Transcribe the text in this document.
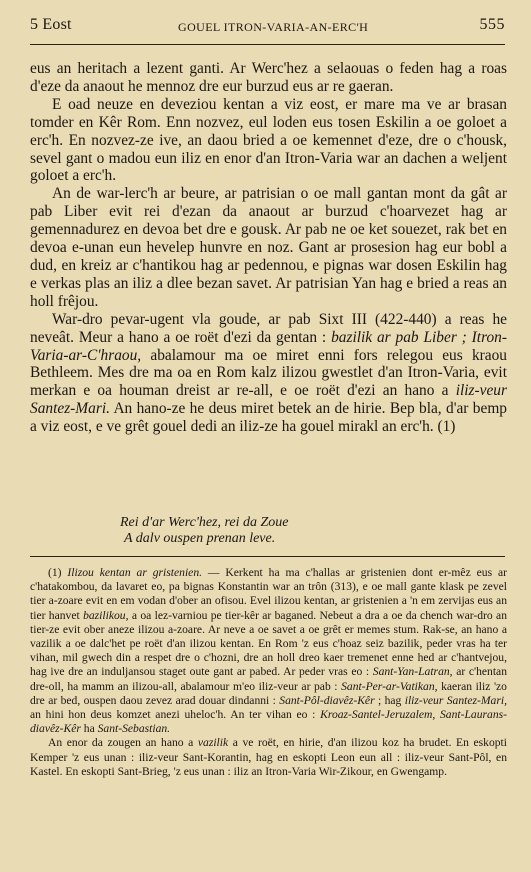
5 Eost	GOUEL ITRON-VARIA-AN-ERC'H	555

eus an heritach a lezent ganti. Ar Werc'hez a selaouas o feden hag a roas d'eze da anaout he mennoz dre eur burzud eus ar re gaeran.

E oad neuze en deveziou kentan a viz eost, er mare ma ve ar brasan tomder en Kêr Rom. Enn nozvez, eul loden eus tosen Eskilin a oe goloet a erc'h. En nozvez-ze ive, an daou bried a oe kemennet d'eze, dre o c'housk, sevel gant o madou eun iliz en enor d'an Itron-Varia war an dachen a weljent goloet a erc'h.

An de war-lerc'h ar beure, ar patrisian o oe mall gantan mont da gât ar pab Liber evit rei d'ezan da anaout ar burzud c'hoarvezet hag ar gemennadurez en devoa bet dre e gousk. Ar pab ne oe ket souezet, rak bet en devoa e-unan eun hevelep hunvre en noz. Gant ar prosesion hag eur bobl a dud, en kreiz ar c'hantikou hag ar pedennou, e pignas war dosen Eskilin hag e verkas plas an iliz a dlee bezan savet. Ar patrisian Yan hag e bried a reas an holl frêjou.

War-dro pevar-ugent vla goude, ar pab Sixt III (422-440) a reas he neveât. Meur a hano a oe roët d'ezi da gentan : bazilik ar pab Liber ; Itron-Varia-ar-C'hraou, abalamour ma oe miret enni fors relegou eus kraou Bethleem. Mes dre ma oa en Rom kalz ilizou gwestlet d'an Itron-Varia, evit merkan e oa houman dreist ar re-all, e oe roët d'ezi an hano a iliz-veur Santez-Mari. An hano-ze he deus miret betek an de hirie. Bep bla, d'ar bemp a viz eost, e ve grêt gouel dedi an iliz-ze ha gouel mirakl an erc'h. (1)

Rei d'ar Werc'hez, rei da Zoue
A dalv ouspen prenan leve.

(1) Ilizou kentan ar gristenien. — Kerkent ha ma c'hallas ar gristenien dont er-mêz eus ar c'hatakombou, da lavaret eo, pa bignas Konstantin war an trôn (313), e oe mall gante klask pe zevel tier a-zoare evit en em vodan d'ober an ofisou. Evel ilizou kentan, ar gristenien a 'n em zervijas eus an tier hanvet bazilikou, a oa lez-varniou pe tier-kêr ar baganed. Nebeut a dra a oe da chench war-dro an tier-ze evit ober aneze ilizou a-zoare. Ar neve a oe savet a oe grêt er memes stum. Rak-se, an hano a vazilik a oe dalc'het pe roët d'an ilizou kentan. En Rom 'z eus c'hoaz seiz bazilik, peder vras ha ter vihan, mil gwech din a respet dre o c'hozni, dre an holl dreo kaer tremenet enne hed ar c'hantvejou, hag ive dre an induljansou staget oute gant ar pabed. Ar peder vras eo : Sant-Yan-Latran, ar c'hentan dre-oll, ha mamm an ilizou-all, abalamour m'eo iliz-veur ar pab : Sant-Per-ar-Vatikan, kaeran iliz 'zo dre ar bed, ouspen daou zevez arad douar dindanni : Sant-Pôl-diavêz-Kêr ; hag iliz-veur Santez-Mari, an hini hon deus komzet anezi uheloc'h. An ter vihan eo : Kroaz-Santel-Jeruzalem, Sant-Laurans-diavêz-Kêr ha Sant-Sebastian.

An enor da zougen an hano a vazilik a ve roët, en hirie, d'an ilizou koz ha brudet. En eskopti Kemper 'z eus unan : iliz-veur Sant-Korantin, hag en eskopti Leon eun all : iliz-veur Sant-Pôl, en Kastel. En eskopti Sant-Brieg, 'z eus unan : iliz an Itron-Varia Wir-Zikour, en Gwengamp.
